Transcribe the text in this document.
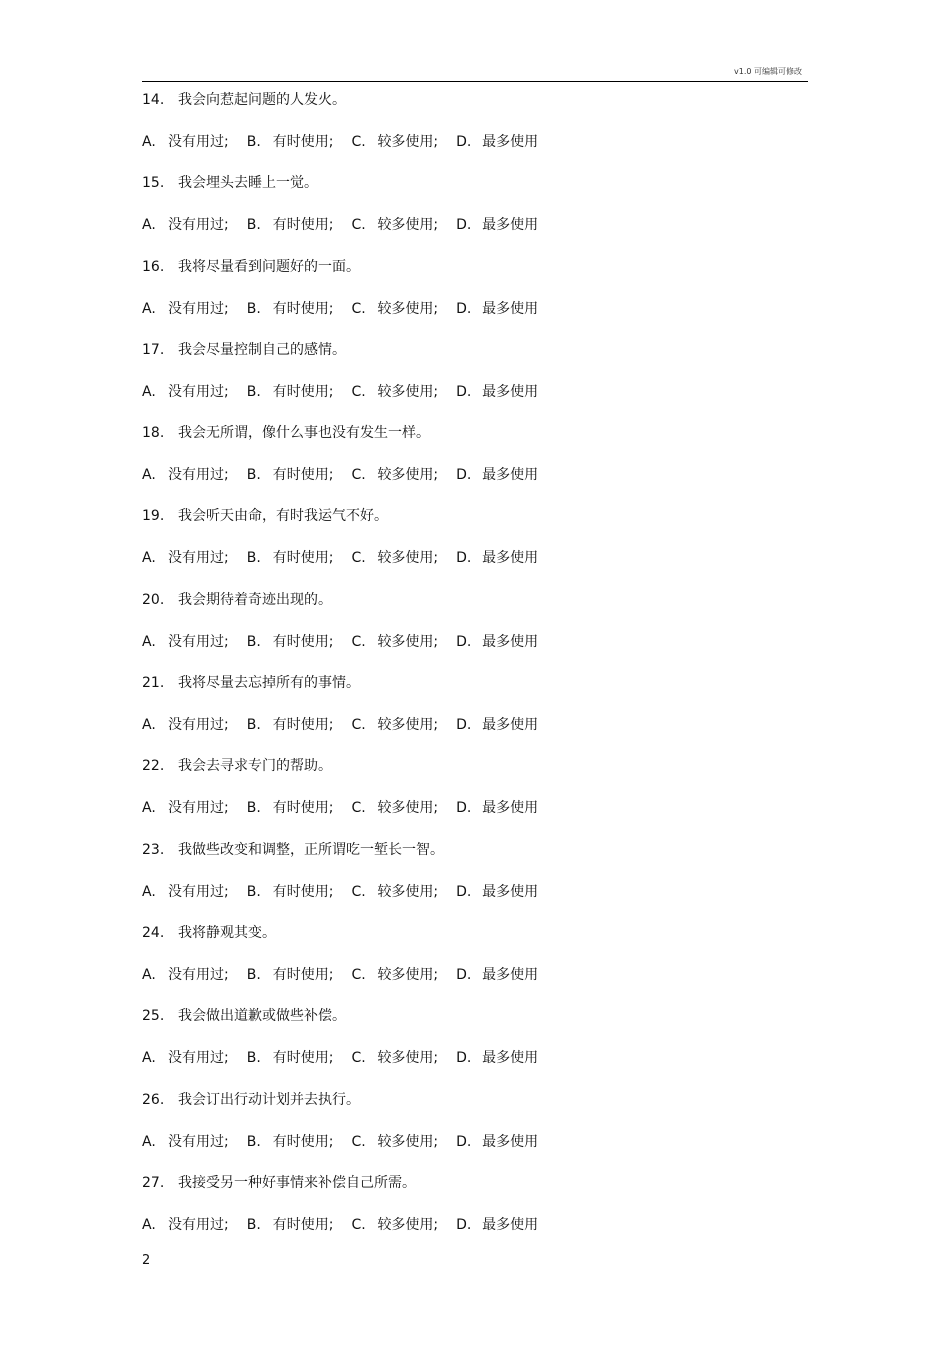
v1.0 可编辑可修改
14. 我会向惹起问题的人发火。
A. 没有用过; B. 有时使用; C. 较多使用; D. 最多使用
15. 我会埋头去睡上一觉。
A. 没有用过; B. 有时使用; C. 较多使用; D. 最多使用
16. 我将尽量看到问题好的一面。
A. 没有用过; B. 有时使用; C. 较多使用; D. 最多使用
17. 我会尽量控制自己的感情。
A. 没有用过; B. 有时使用; C. 较多使用; D. 最多使用
18. 我会无所谓，像什么事也没有发生一样。
A. 没有用过; B. 有时使用; C. 较多使用; D. 最多使用
19. 我会听天由命，有时我运气不好。
A. 没有用过; B. 有时使用; C. 较多使用; D. 最多使用
20. 我会期待着奇迹出现的。
A. 没有用过; B. 有时使用; C. 较多使用; D. 最多使用
21. 我将尽量去忘掉所有的事情。
A. 没有用过; B. 有时使用; C. 较多使用; D. 最多使用
22. 我会去寻求专门的帮助。
A. 没有用过; B. 有时使用; C. 较多使用; D. 最多使用
23. 我做些改变和调整，正所谓吃一堑长一智。
A. 没有用过; B. 有时使用; C. 较多使用; D. 最多使用
24. 我将静观其变。
A. 没有用过; B. 有时使用; C. 较多使用; D. 最多使用
25. 我会做出道歉或做些补偿。
A. 没有用过; B. 有时使用; C. 较多使用; D. 最多使用
26. 我会订出行动计划并去执行。
A. 没有用过; B. 有时使用; C. 较多使用; D. 最多使用
27. 我接受另一种好事情来补偿自己所需。
A. 没有用过; B. 有时使用; C. 较多使用; D. 最多使用
2
